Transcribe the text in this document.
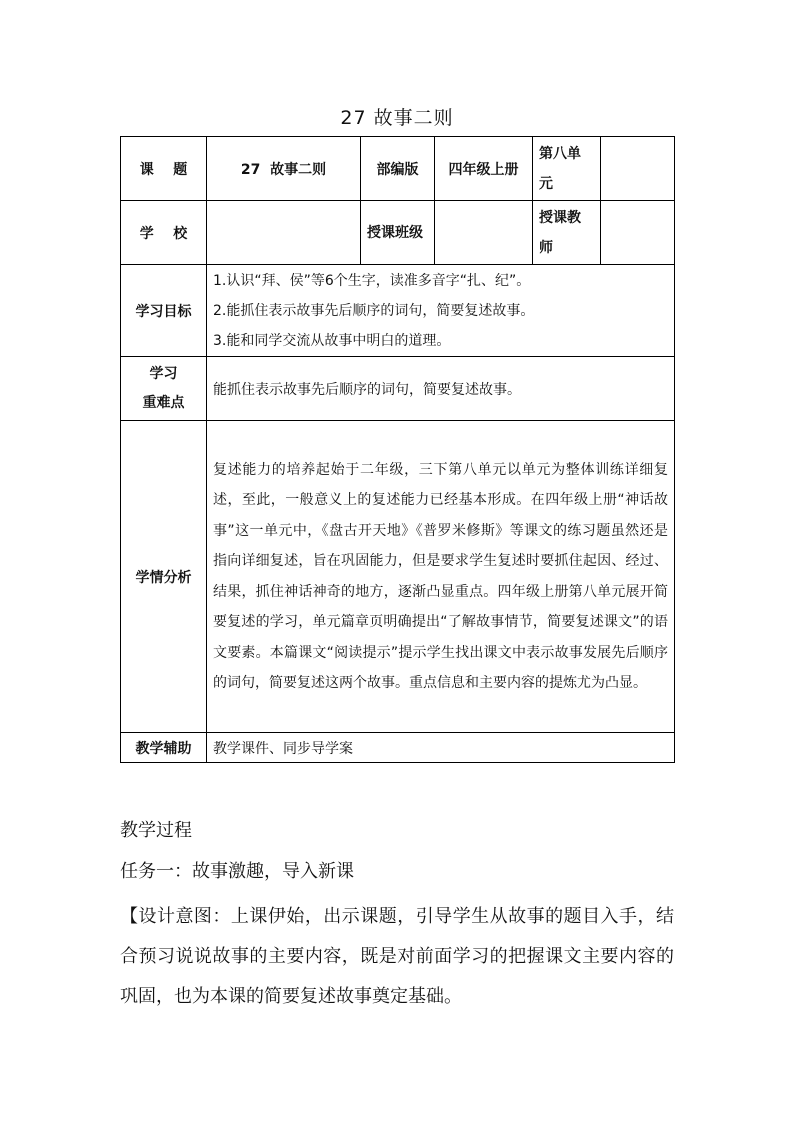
27 故事二则
课    题	27  故事二则	部编版	四年级上册	第八单元	
学    校		授课班级		授课教师	
学习目标	1.认识“拜、侯”等6个生字，读准多音字“扎、纪”。
2.能抓住表示故事先后顺序的词句，简要复述故事。
3.能和同学交流从故事中明白的道理。				

学习
重难点	能抓住表示故事先后顺序的词句，简要复述故事。				
学情分析	复述能力的培养起始于二年级，三下第八单元以单元为整体训练详细复述，至此，一般意义上的复述能力已经基本形成。在四年级上册“神话故事”这一单元中，《盘古开天地》《普罗米修斯》等课文的练习题虽然还是指向详细复述，旨在巩固能力，但是要求学生复述时要抓住起因、经过、结果，抓住神话神奇的地方，逐渐凸显重点。四年级上册第八单元展开简要复述的学习，单元篇章页明确提出“了解故事情节，简要复述课文”的语文要素。本篇课文“阅读提示”提示学生找出课文中表示故事发展先后顺序的词句，简要复述这两个故事。重点信息和主要内容的提炼尤为凸显。				
教学辅助	教学课件、同步导学案				
教学过程
任务一：故事激趣，导入新课
【设计意图：上课伊始，出示课题，引导学生从故事的题目入手，结合预习说说故事的主要内容，既是对前面学习的把握课文主要内容的巩固，也为本课的简要复述故事奠定基础。
